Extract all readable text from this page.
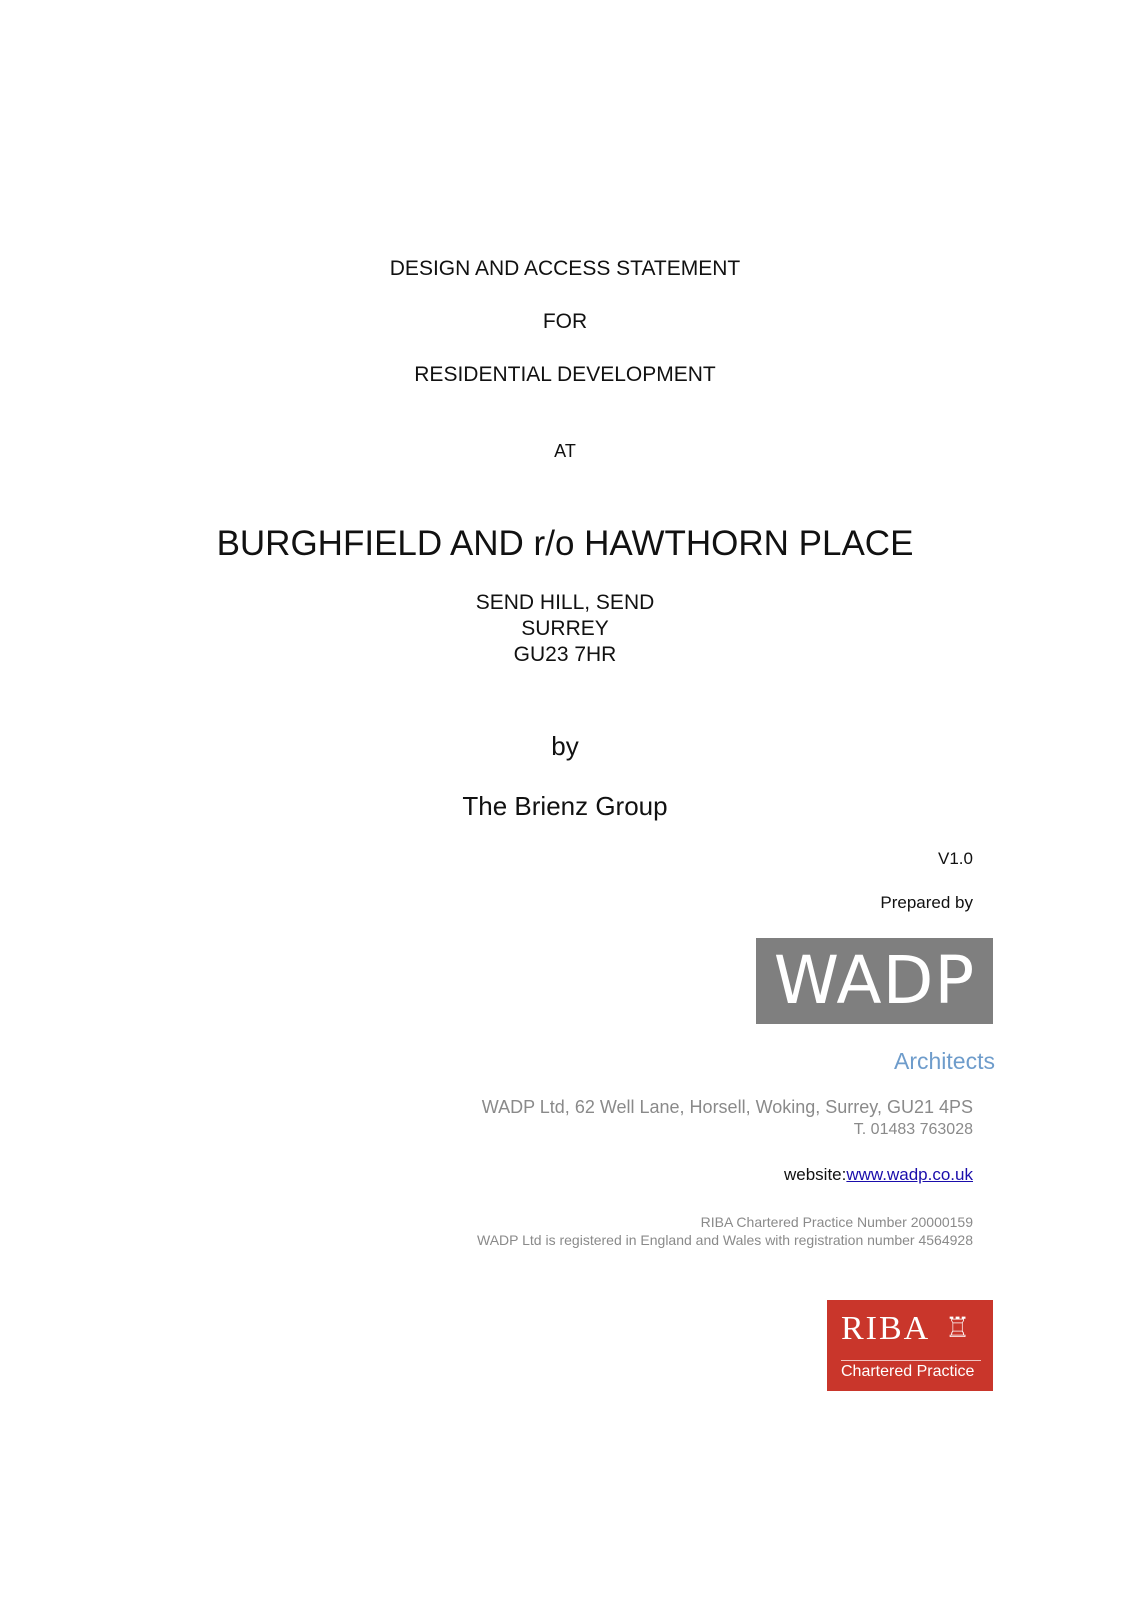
DESIGN AND ACCESS STATEMENT

FOR

RESIDENTIAL DEVELOPMENT

AT

BURGHFIELD AND r/o HAWTHORN PLACE
SEND HILL, SEND
SURREY
GU23 7HR

by

The Brienz Group

V1.0

Prepared by

WADP

Architects

WADP Ltd, 62 Well Lane, Horsell, Woking, Surrey, GU21 4PS

T. 01483 763028

website:www.wadp.co.uk

RIBA Chartered Practice Number 20000159

WADP Ltd is registered in England and Wales with registration number 4564928

RIBA ♖
Chartered Practice
